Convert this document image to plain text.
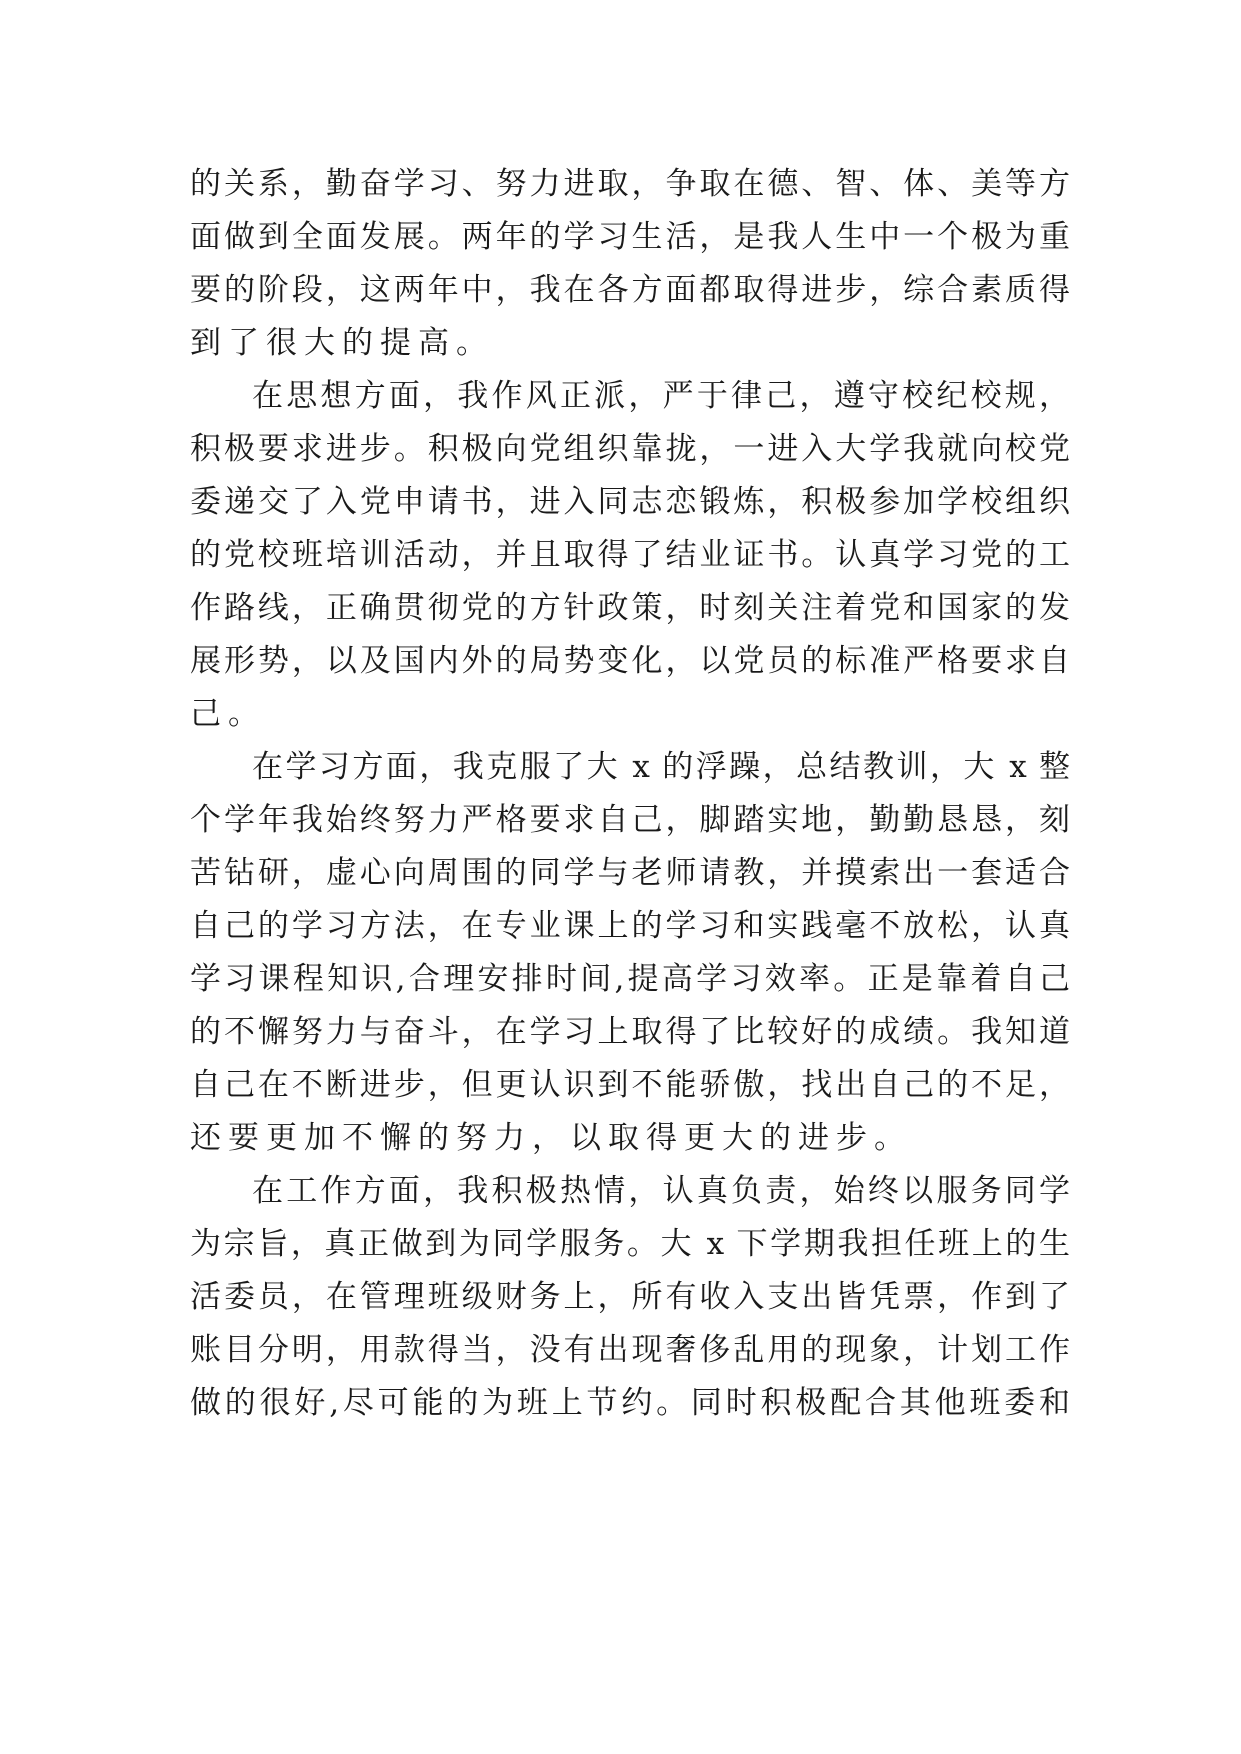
的关系，勤奋学习、努力进取，争取在德、智、体、美等方
面做到全面发展。两年的学习生活，是我人生中一个极为重
要的阶段，这两年中，我在各方面都取得进步，综合素质得
到了很大的提高。
在思想方面，我作风正派，严于律己，遵守校纪校规，
积极要求进步。积极向党组织靠拢，一进入大学我就向校党
委递交了入党申请书，进入同志恋锻炼，积极参加学校组织
的党校班培训活动，并且取得了结业证书。认真学习党的工
作路线，正确贯彻党的方针政策，时刻关注着党和国家的发
展形势，以及国内外的局势变化，以党员的标准严格要求自
己。
在学习方面，我克服了大 x 的浮躁，总结教训，大 x 整
个学年我始终努力严格要求自己，脚踏实地，勤勤恳恳，刻
苦钻研，虚心向周围的同学与老师请教，并摸索出一套适合
自己的学习方法，在专业课上的学习和实践毫不放松，认真
学习课程知识,合理安排时间,提高学习效率。正是靠着自己
的不懈努力与奋斗，在学习上取得了比较好的成绩。我知道
自己在不断进步，但更认识到不能骄傲，找出自己的不足，
还要更加不懈的努力，以取得更大的进步。
在工作方面，我积极热情，认真负责，始终以服务同学
为宗旨，真正做到为同学服务。大 x 下学期我担任班上的生
活委员，在管理班级财务上，所有收入支出皆凭票，作到了
账目分明，用款得当，没有出现奢侈乱用的现象，计划工作
做的很好,尽可能的为班上节约。同时积极配合其他班委和
